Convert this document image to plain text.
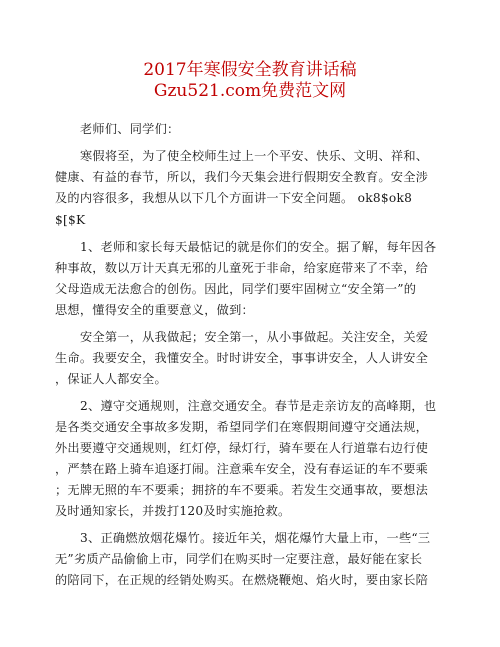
2017年寒假安全教育讲话稿
Gzu521.com免费范文网
老师们、同学们：
寒假将至，为了使全校师生过上一个平安、快乐、文明、祥和、
健康、有益的春节，所以，我们今天集会进行假期安全教育。安全涉
及的内容很多，我想从以下几个方面讲一下安全问题。 ok8$ok8
$[$K
1、老师和家长每天最惦记的就是你们的安全。据了解，每年因各
种事故，数以万计天真无邪的儿童死于非命，给家庭带来了不幸，给
父母造成无法愈合的创伤。因此，同学们要牢固树立“安全第一”的
思想，懂得安全的重要意义，做到：
安全第一，从我做起；安全第一，从小事做起。关注安全，关爱
生命。我要安全，我懂安全。时时讲安全，事事讲安全，人人讲安全
，保证人人都安全。
2、遵守交通规则，注意交通安全。春节是走亲访友的高峰期，也
是各类交通安全事故多发期，希望同学们在寒假期间遵守交通法规，
外出要遵守交通规则，红灯停，绿灯行，骑车要在人行道靠右边行使
，严禁在路上骑车追逐打闹。注意乘车安全，没有春运证的车不要乘
；无牌无照的车不要乘；拥挤的车不要乘。若发生交通事故，要想法
及时通知家长，并拨打120及时实施抢救。
3、正确燃放烟花爆竹。接近年关，烟花爆竹大量上市，一些“三
无”劣质产品偷偷上市，同学们在购买时一定要注意，最好能在家长
的陪同下，在正规的经销处购买。在燃烧鞭炮、焰火时，要由家长陪
